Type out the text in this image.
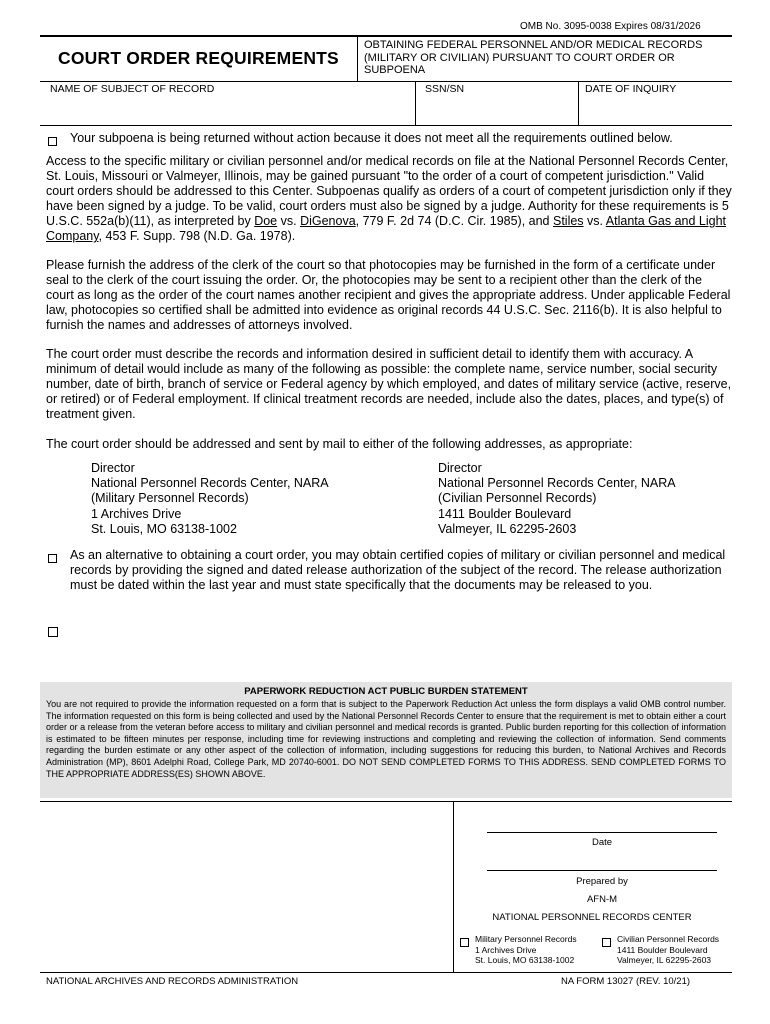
OMB No. 3095-0038 Expires 08/31/2026
COURT ORDER REQUIREMENTS
OBTAINING FEDERAL PERSONNEL AND/OR MEDICAL RECORDS (MILITARY OR CIVILIAN) PURSUANT TO COURT ORDER OR SUBPOENA
NAME OF SUBJECT OF RECORD	SSN/SN	DATE OF INQUIRY
Your subpoena is being returned without action because it does not meet all the requirements outlined below.
Access to the specific military or civilian personnel and/or medical records on file at the National Personnel Records Center, St. Louis, Missouri or Valmeyer, Illinois, may be gained pursuant "to the order of a court of competent jurisdiction." Valid court orders should be addressed to this Center. Subpoenas qualify as orders of a court of competent jurisdiction only if they have been signed by a judge. To be valid, court orders must also be signed by a judge. Authority for these requirements is 5 U.S.C. 552a(b)(11), as interpreted by Doe vs. DiGenova, 779 F. 2d 74 (D.C. Cir. 1985), and Stiles vs. Atlanta Gas and Light Company, 453 F. Supp. 798 (N.D. Ga. 1978).
Please furnish the address of the clerk of the court so that photocopies may be furnished in the form of a certificate under seal to the clerk of the court issuing the order. Or, the photocopies may be sent to a recipient other than the clerk of the court as long as the order of the court names another recipient and gives the appropriate address. Under applicable Federal law, photocopies so certified shall be admitted into evidence as original records 44 U.S.C. Sec. 2116(b). It is also helpful to furnish the names and addresses of attorneys involved.
The court order must describe the records and information desired in sufficient detail to identify them with accuracy. A minimum of detail would include as many of the following as possible: the complete name, service number, social security number, date of birth, branch of service or Federal agency by which employed, and dates of military service (active, reserve, or retired) or of Federal employment. If clinical treatment records are needed, include also the dates, places, and type(s) of treatment given.
The court order should be addressed and sent by mail to either of the following addresses, as appropriate:
Director
National Personnel Records Center, NARA
(Military Personnel Records)
1 Archives Drive
St. Louis, MO 63138-1002
Director
National Personnel Records Center, NARA
(Civilian Personnel Records)
1411 Boulder Boulevard
Valmeyer, IL 62295-2603
As an alternative to obtaining a court order, you may obtain certified copies of military or civilian personnel and medical records by providing the signed and dated release authorization of the subject of the record. The release authorization must be dated within the last year and must state specifically that the documents may be released to you.
PAPERWORK REDUCTION ACT PUBLIC BURDEN STATEMENT
You are not required to provide the information requested on a form that is subject to the Paperwork Reduction Act unless the form displays a valid OMB control number. The information requested on this form is being collected and used by the National Personnel Records Center to ensure that the requirement is met to obtain either a court order or a release from the veteran before access to military and civilian personnel and medical records is granted. Public burden reporting for this collection of information is estimated to be fifteen minutes per response, including time for reviewing instructions and completing and reviewing the collection of information. Send comments regarding the burden estimate or any other aspect of the collection of information, including suggestions for reducing this burden, to National Archives and Records Administration (MP), 8601 Adelphi Road, College Park, MD 20740-6001. DO NOT SEND COMPLETED FORMS TO THIS ADDRESS. SEND COMPLETED FORMS TO THE APPROPRIATE ADDRESS(ES) SHOWN ABOVE.
Date
Prepared by
AFN-M
NATIONAL PERSONNEL RECORDS CENTER
Military Personnel Records
1 Archives Drive
St. Louis, MO 63138-1002
Civilian Personnel Records
1411 Boulder Boulevard
Valmeyer, IL 62295-2603
NATIONAL ARCHIVES AND RECORDS ADMINISTRATION	NA FORM 13027 (REV. 10/21)
